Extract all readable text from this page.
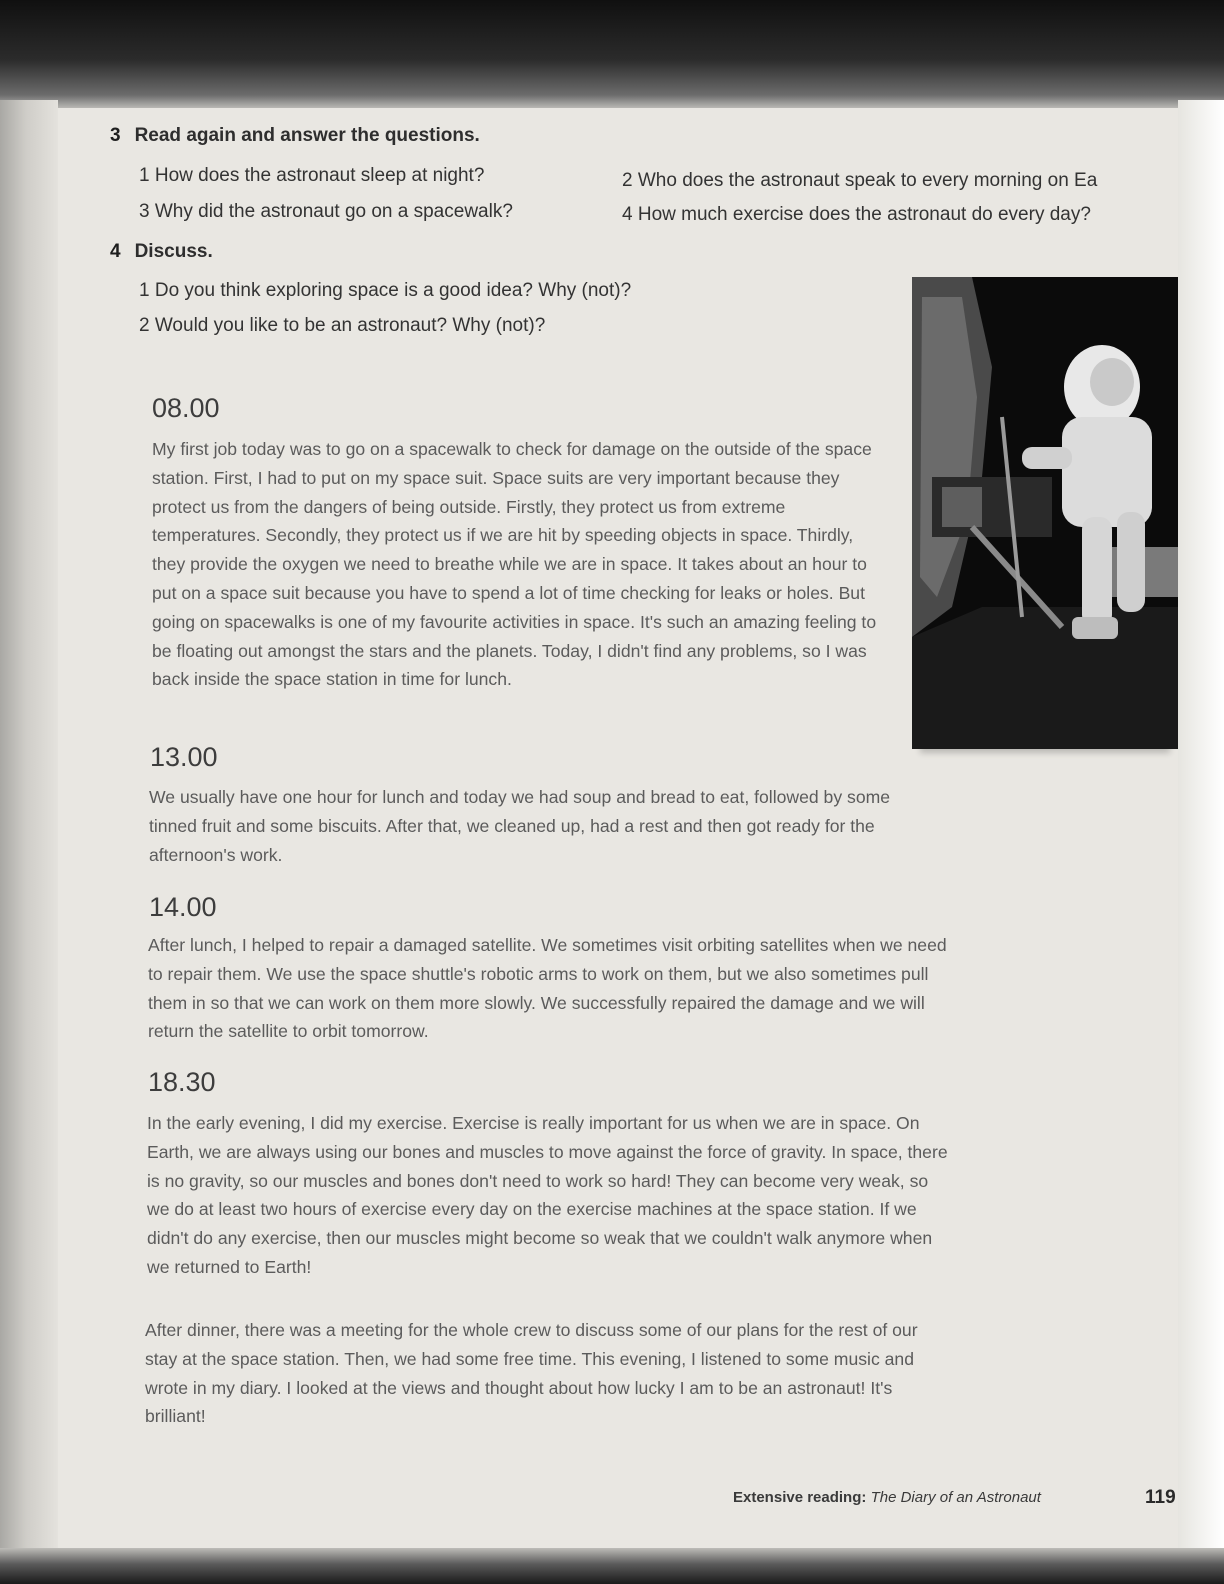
3 Read again and answer the questions.
1 How does the astronaut sleep at night?	2 Who does the astronaut speak to every morning on Ea
3 Why did the astronaut go on a spacewalk?	4 How much exercise does the astronaut do every day?
4 Discuss.
1 Do you think exploring space is a good idea? Why (not)?
2 Would you like to be an astronaut? Why (not)?
08.00

My first job today was to go on a spacewalk to check for damage on the outside of the space station. First, I had to put on my space suit. Space suits are very important because they protect us from the dangers of being outside. Firstly, they protect us from extreme temperatures. Secondly, they protect us if we are hit by speeding objects in space. Thirdly, they provide the oxygen we need to breathe while we are in space. It takes about an hour to put on a space suit because you have to spend a lot of time checking for leaks or holes. But going on spacewalks is one of my favourite activities in space. It's such an amazing feeling to be floating out amongst the stars and the planets. Today, I didn't find any problems, so I was back inside the space station in time for lunch.

13.00

We usually have one hour for lunch and today we had soup and bread to eat, followed by some tinned fruit and some biscuits. After that, we cleaned up, had a rest and then got ready for the afternoon's work.

14.00

After lunch, I helped to repair a damaged satellite. We sometimes visit orbiting satellites when we need to repair them. We use the space shuttle's robotic arms to work on them, but we also sometimes pull them in so that we can work on them more slowly. We successfully repaired the damage and we will return the satellite to orbit tomorrow.

18.30

In the early evening, I did my exercise. Exercise is really important for us when we are in space. On Earth, we are always using our bones and muscles to move against the force of gravity. In space, there is no gravity, so our muscles and bones don't need to work so hard! They can become very weak, so we do at least two hours of exercise every day on the exercise machines at the space station. If we didn't do any exercise, then our muscles might become so weak that we couldn't walk anymore when we returned to Earth!

After dinner, there was a meeting for the whole crew to discuss some of our plans for the rest of our stay at the space station. Then, we had some free time. This evening, I listened to some music and wrote in my diary. I looked at the views and thought about how lucky I am to be an astronaut! It's brilliant!

Extensive reading: The Diary of an Astronaut	119
